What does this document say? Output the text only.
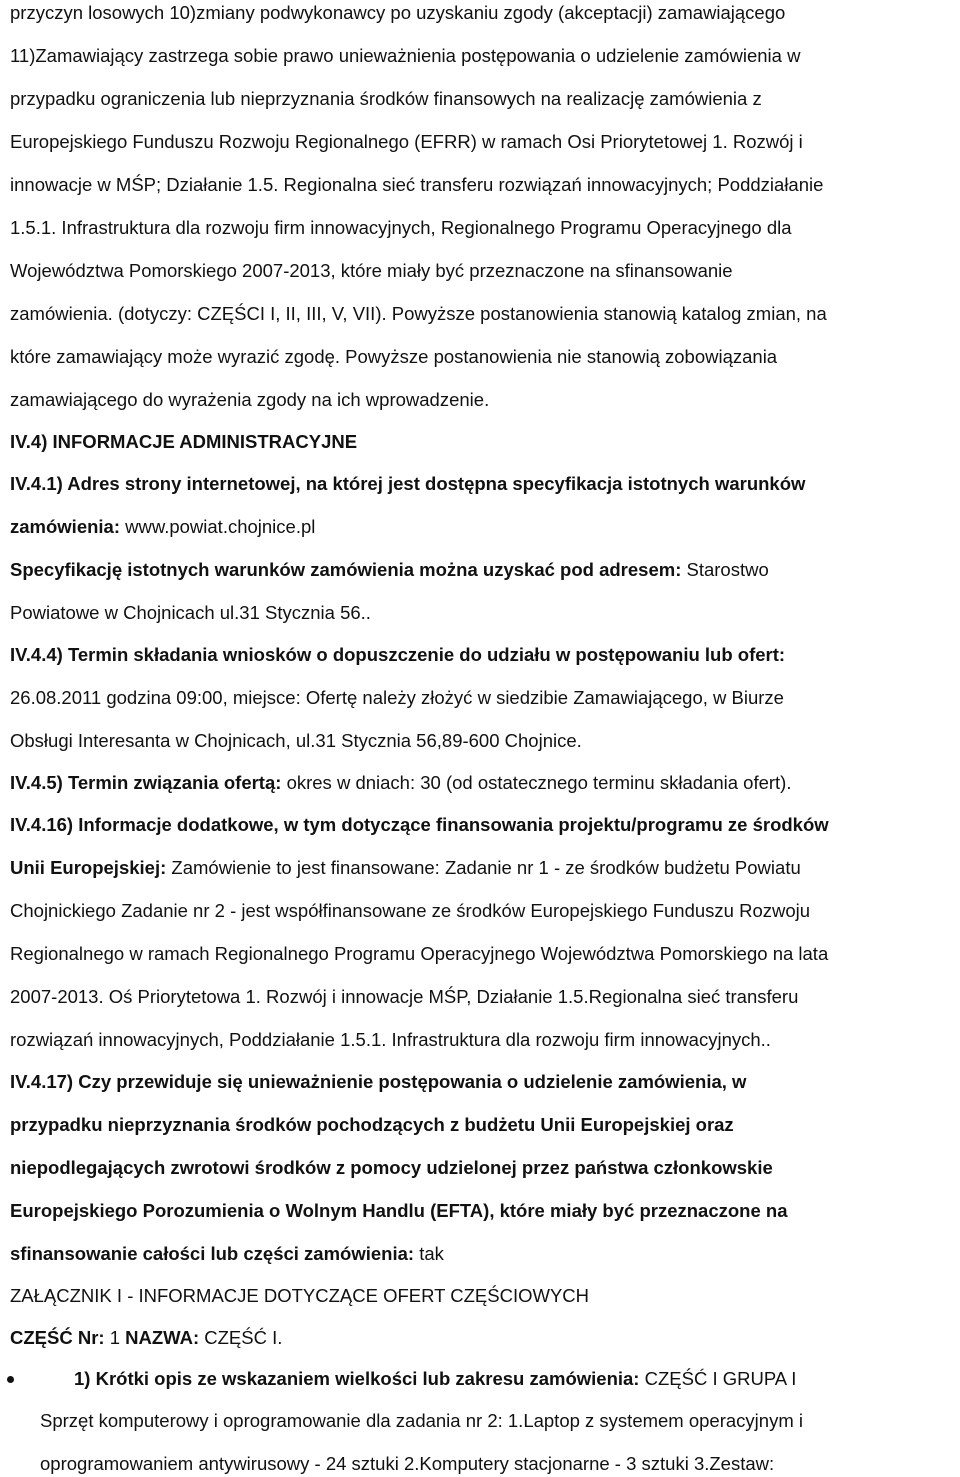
przyczyn losowych 10)zmiany podwykonawcy po uzyskaniu zgody (akceptacji) zamawiającego
11)Zamawiający zastrzega sobie prawo unieważnienia postępowania o udzielenie zamówienia w
przypadku ograniczenia lub nieprzyznania środków finansowych na realizację zamówienia z
Europejskiego Funduszu Rozwoju Regionalnego (EFRR) w ramach Osi Priorytetowej 1. Rozwój i
innowacje w MŚP; Działanie 1.5. Regionalna sieć transferu rozwiązań innowacyjnych; Poddziałanie
1.5.1. Infrastruktura dla rozwoju firm innowacyjnych, Regionalnego Programu Operacyjnego dla
Województwa Pomorskiego 2007-2013, które miały być przeznaczone na sfinansowanie
zamówienia. (dotyczy: CZĘŚCI I, II, III, V, VII). Powyższe postanowienia stanowią katalog zmian, na
które zamawiający może wyrazić zgodę. Powyższe postanowienia nie stanowią zobowiązania
zamawiającego do wyrażenia zgody na ich wprowadzenie.
IV.4) INFORMACJE ADMINISTRACYJNE
IV.4.1) Adres strony internetowej, na której jest dostępna specyfikacja istotnych warunków
zamówienia: www.powiat.chojnice.pl
Specyfikację istotnych warunków zamówienia można uzyskać pod adresem: Starostwo
Powiatowe w Chojnicach ul.31 Stycznia 56..
IV.4.4) Termin składania wniosków o dopuszczenie do udziału w postępowaniu lub ofert:
26.08.2011 godzina 09:00, miejsce: Ofertę należy złożyć w siedzibie Zamawiającego, w Biurze
Obsługi Interesanta w Chojnicach, ul.31 Stycznia 56,89-600 Chojnice.
IV.4.5) Termin związania ofertą: okres w dniach: 30 (od ostatecznego terminu składania ofert).
IV.4.16) Informacje dodatkowe, w tym dotyczące finansowania projektu/programu ze środków
Unii Europejskiej: Zamówienie to jest finansowane: Zadanie nr 1 - ze środków budżetu Powiatu
Chojnickiego Zadanie nr 2 - jest współfinansowane ze środków Europejskiego Funduszu Rozwoju
Regionalnego w ramach Regionalnego Programu Operacyjnego Województwa Pomorskiego na lata
2007-2013. Oś Priorytetowa 1. Rozwój i innowacje MŚP, Działanie 1.5.Regionalna sieć transferu
rozwiązań innowacyjnych, Poddziałanie 1.5.1. Infrastruktura dla rozwoju firm innowacyjnych..
IV.4.17) Czy przewiduje się unieważnienie postępowania o udzielenie zamówienia, w
przypadku nieprzyznania środków pochodzących z budżetu Unii Europejskiej oraz
niepodlegających zwrotowi środków z pomocy udzielonej przez państwa członkowskie
Europejskiego Porozumienia o Wolnym Handlu (EFTA), które miały być przeznaczone na
sfinansowanie całości lub części zamówienia: tak
ZAŁĄCZNIK I - INFORMACJE DOTYCZĄCE OFERT CZĘŚCIOWYCH
CZĘŚĆ Nr: 1 NAZWA: CZĘŚĆ I.
1) Krótki opis ze wskazaniem wielkości lub zakresu zamówienia: CZĘŚĆ I GRUPA I
Sprzęt komputerowy i oprogramowanie dla zadania nr 2: 1.Laptop z systemem operacyjnym i
oprogramowaniem antywirusowy - 24 sztuki 2.Komputery stacjonarne - 3 sztuki 3.Zestaw:
